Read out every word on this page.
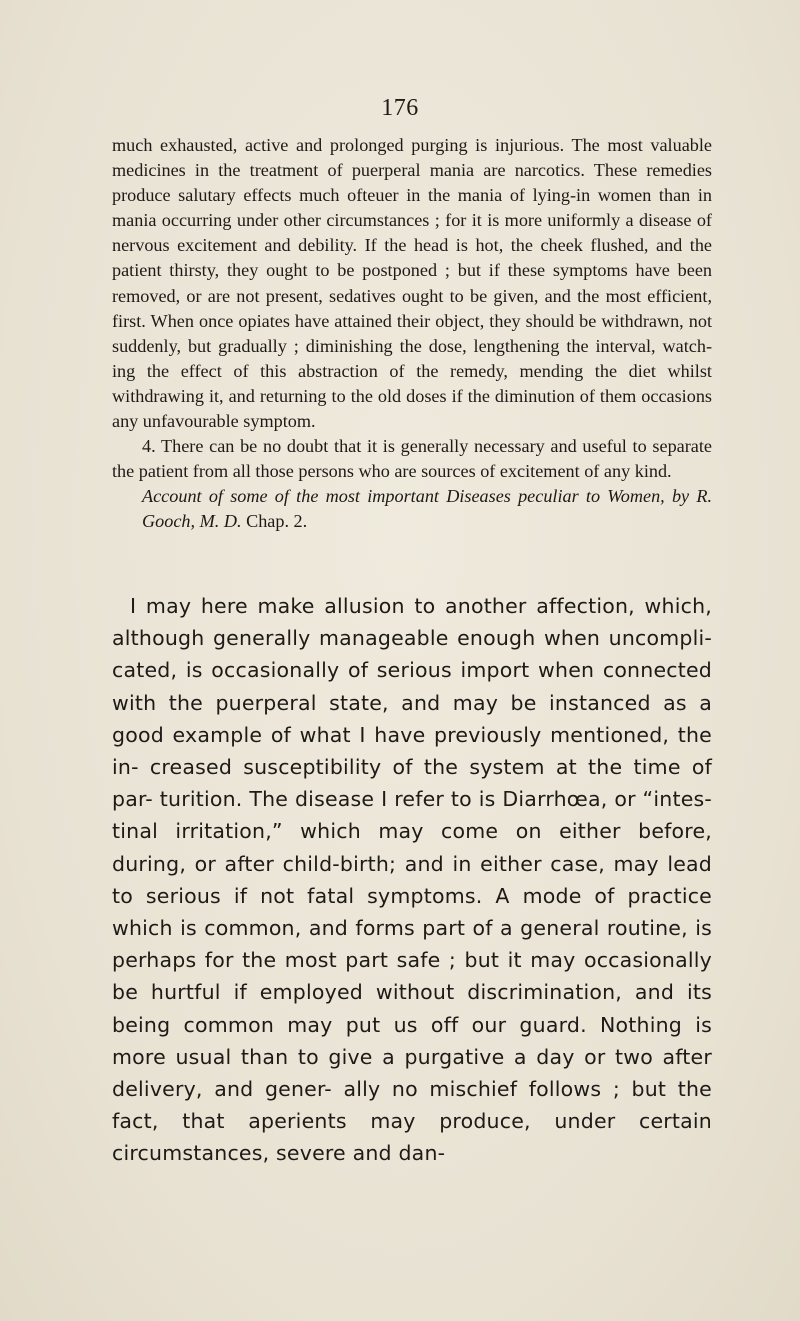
176

much exhausted, active and prolonged purging is injurious. The most valuable medicines in the treatment of puerperal mania are narcotics. These remedies produce salutary effects much ofteuer in the mania of lying-in women than in mania occurring under other circumstances ; for it is more uniformly a disease of nervous excitement and debility. If the head is hot, the cheek flushed, and the patient thirsty, they ought to be postponed ; but if these symptoms have been removed, or are not present, sedatives ought to be given, and the most efficient, first. When once opiates have attained their object, they should be withdrawn, not suddenly, but gradually ; diminishing the dose, lengthening the interval, watch- ing the effect of this abstraction of the remedy, mending the diet whilst withdrawing it, and returning to the old doses if the diminution of them occasions any unfavourable symptom.

4. There can be no doubt that it is generally necessary and useful to separate the patient from all those persons who are sources of excitement of any kind.

Account of some of the most important Diseases peculiar to Women, by R. Gooch, M. D. Chap. 2.

I may here make allusion to another affection, which, although generally manageable enough when uncompli- cated, is occasionally of serious import when connected with the puerperal state, and may be instanced as a good example of what I have previously mentioned, the in- creased susceptibility of the system at the time of par- turition. The disease I refer to is Diarrhœa, or “intes- tinal irritation,” which may come on either before, during, or after child-birth; and in either case, may lead to serious if not fatal symptoms. A mode of practice which is common, and forms part of a general routine, is perhaps for the most part safe ; but it may occasionally be hurtful if employed without discrimination, and its being common may put us off our guard. Nothing is more usual than to give a purgative a day or two after delivery, and gener- ally no mischief follows ; but the fact, that aperients may produce, under certain circumstances, severe and dan-
